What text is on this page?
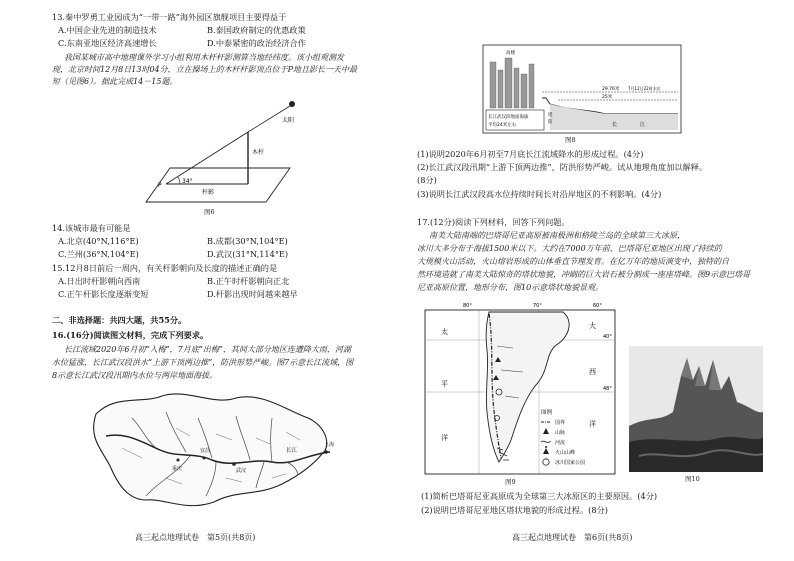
13.秦中罗勇工业园成为“一带一路”海外园区旗舰项目主要得益于
A.中国企业先进的制造技术	B.泰国政府制定的优惠政策
C.东南亚地区经济高速增长	D.中泰紧密的政治经济合作
我国某城市高中地理课外学习小组利用木杆杆影测算当地经纬度。该小组观测发
现，北京时间12月8日13时04分，立在操场上的木杆杆影顶点位于P地且影长一天中最
短（见图6）。据此完成14－15题。
太阳
木杆
杆影
34°
P
图6
14.该城市最有可能是
A.北京(40°N,116°E)	B.成都(30°N,104°E)
C.兰州(36°N,104°E)	D.武汉(31°N,114°E)
15.12月8日前后一周内，有关杆影朝向及长度的描述正确的是
A.日出时杆影朝向西南	B.正午时杆影朝向正北
C.正午杆影长度逐渐变短	D.杆影出现时间越来越早
二、非选择题：共四大题，共55分。
16.(16分)阅读图文材料，完成下列要求。
长江流域2020年6月初“入梅”，7月底“出梅”，其间大部分地区连遭降大雨，河湖
水位猛涨，长江武汉段洪水“上游下顶两边推”，防洪形势严峻。图7示意长江流域，图
8示意长江武汉段汛期内水位与两岸地面海拔。
长江
上海
武汉
宜昌
重庆
高三起点地理试卷　第5页(共8页)
长江武汉段地面海拔
高楼
堤
防	长	江
29.76米
25米
7月12日22时水位
平均24米左右
图8
(1)说明2020年6月初至7月底长江流域降水的形成过程。(4分)
(2)长江武汉段汛期“上游下顶两边推”，防洪形势严峻。试从地理角度加以解释。
(8分)
(3)说明长江武汉段高水位持续时间长对沿岸地区的不利影响。(4分)
17.(12分)阅读下列材料，回答下列问题。
南美大陆南端的巴塔哥尼亚高原被南极洲和格陵兰岛的全球第三大冰原，
冰川大多分布于海拔1500米以下。大约在7000万年前，巴塔哥尼亚地区出现了持续的
大规模火山活动，火山熔岩形成的山体垂直节理发育。在亿万年的地质演变中，独特的自
然环境造就了南美大陆惊奇的塔状地貌，冲刷的巨大岩石被分割成一座座塔峰。图9示意巴塔哥
尼亚高原位置，地形分布，图10示意塔状地貌景观。
80°	70°	60°
40°
48°
太
平
洋
大
西
洋
图例
国界
山脉
河流
火山山峰
冰川国家公园
图9	图10
(1)简析巴塔哥尼亚高原成为全球第三大冰原区的主要原因。(4分)
(2)说明巴塔哥尼亚地区塔状地貌的形成过程。(8分)
高三起点地理试卷　第6页(共8页)
